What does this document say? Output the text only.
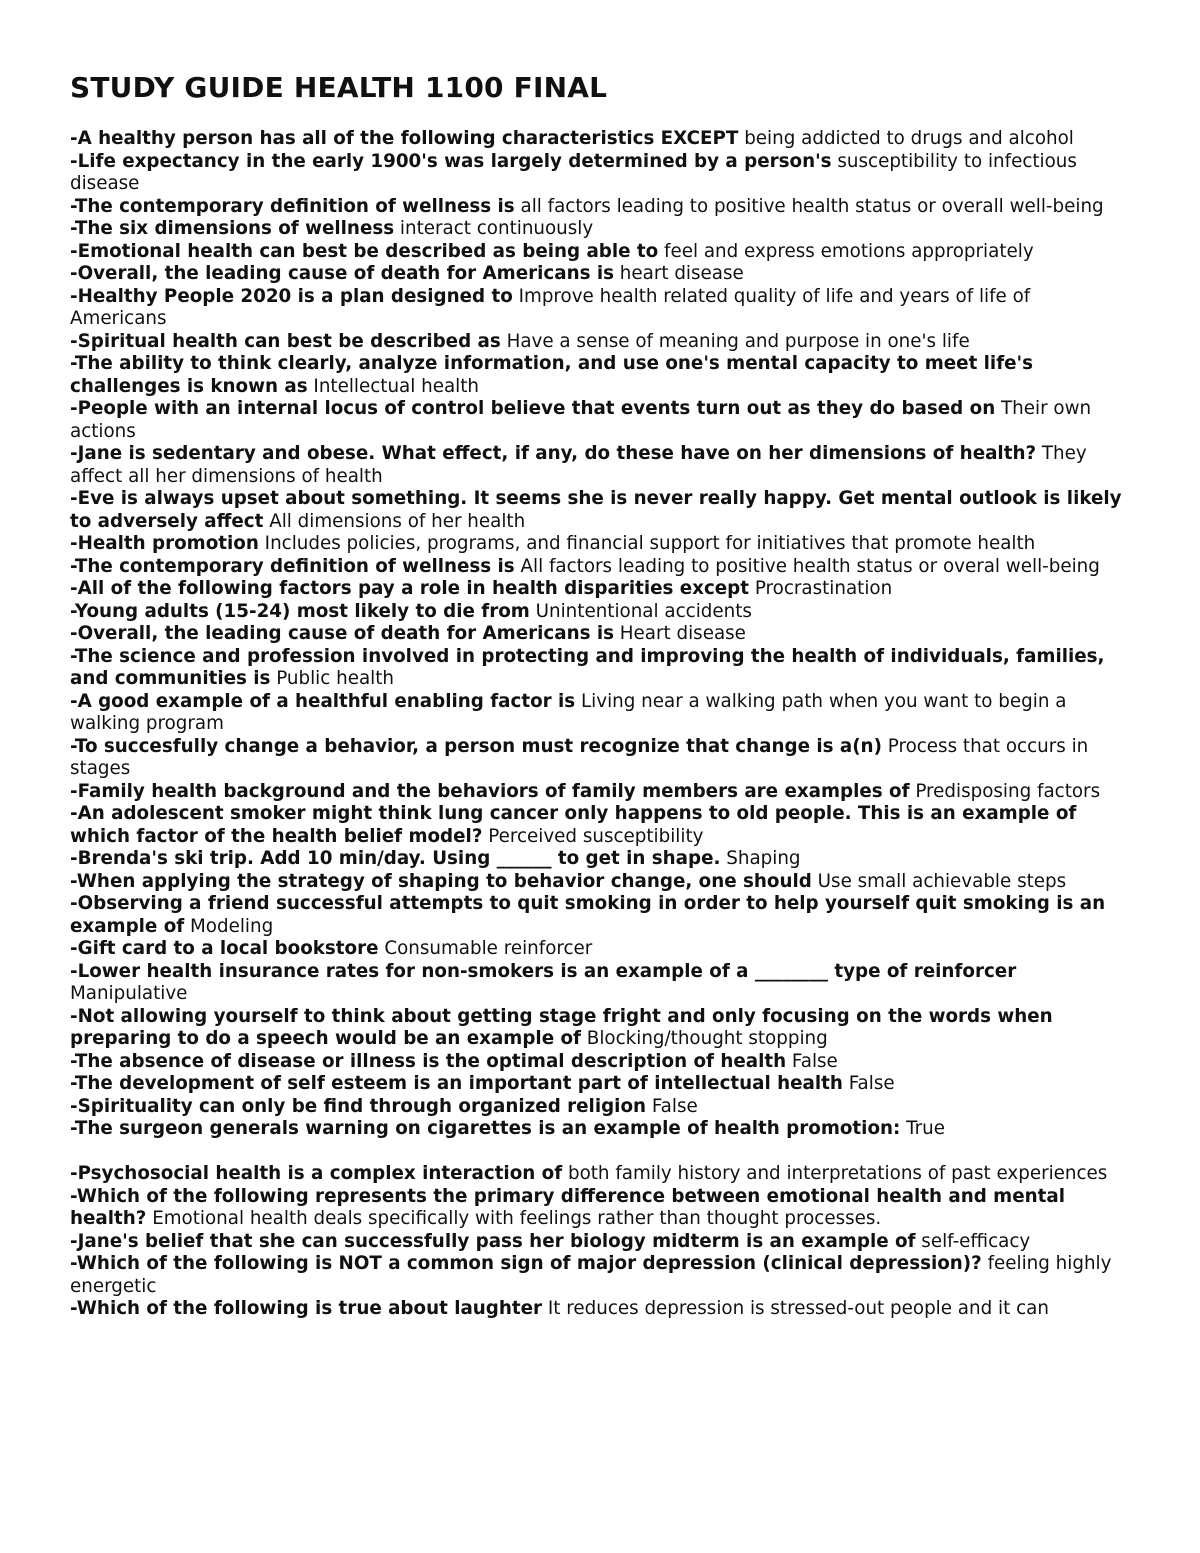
STUDY GUIDE HEALTH 1100 FINAL

-A healthy person has all of the following characteristics EXCEPT being addicted to drugs and alcohol

-Life expectancy in the early 1900's was largely determined by a person's susceptibility to infectious disease

-The contemporary definition of wellness is all factors leading to positive health status or overall well-being

-The six dimensions of wellness interact continuously

-Emotional health can best be described as being able to feel and express emotions appropriately

-Overall, the leading cause of death for Americans is heart disease

-Healthy People 2020 is a plan designed to Improve health related quality of life and years of life of Americans

-Spiritual health can best be described as Have a sense of meaning and purpose in one's life

-The ability to think clearly, analyze information, and use one's mental capacity to meet life's challenges is known as Intellectual health

-People with an internal locus of control believe that events turn out as they do based on Their own actions

-Jane is sedentary and obese. What effect, if any, do these have on her dimensions of health? They affect all her dimensions of health

-Eve is always upset about something. It seems she is never really happy. Get mental outlook is likely to adversely affect All dimensions of her health

-Health promotion Includes policies, programs, and financial support for initiatives that promote health

-The contemporary definition of wellness is All factors leading to positive health status or overal well-being

-All of the following factors pay a role in health disparities except Procrastination

-Young adults (15-24) most likely to die from Unintentional accidents

-Overall, the leading cause of death for Americans is Heart disease

-The science and profession involved in protecting and improving the health of individuals, families, and communities is Public health

-A good example of a healthful enabling factor is Living near a walking path when you want to begin a walking program

-To succesfully change a behavior, a person must recognize that change is a(n) Process that occurs in stages

-Family health background and the behaviors of family members are examples of Predisposing factors

-An adolescent smoker might think lung cancer only happens to old people. This is an example of which factor of the health belief model? Perceived susceptibility

-Brenda's ski trip. Add 10 min/day. Using ______ to get in shape. Shaping

-When applying the strategy of shaping to behavior change, one should Use small achievable steps

-Observing a friend successful attempts to quit smoking in order to help yourself quit smoking is an example of Modeling

-Gift card to a local bookstore Consumable reinforcer

-Lower health insurance rates for non-smokers is an example of a ________ type of reinforcer Manipulative

-Not allowing yourself to think about getting stage fright and only focusing on the words when preparing to do a speech would be an example of Blocking/thought stopping

-The absence of disease or illness is the optimal description of health False

-The development of self esteem is an important part of intellectual health False

-Spirituality can only be find through organized religion False

-The surgeon generals warning on cigarettes is an example of health promotion: True

-Psychosocial health is a complex interaction of both family history and interpretations of past experiences

-Which of the following represents the primary difference between emotional health and mental health? Emotional health deals specifically with feelings rather than thought processes.

-Jane's belief that she can successfully pass her biology midterm is an example of self-efficacy

-Which of the following is NOT a common sign of major depression (clinical depression)? feeling highly energetic

-Which of the following is true about laughter It reduces depression is stressed-out people and it can
